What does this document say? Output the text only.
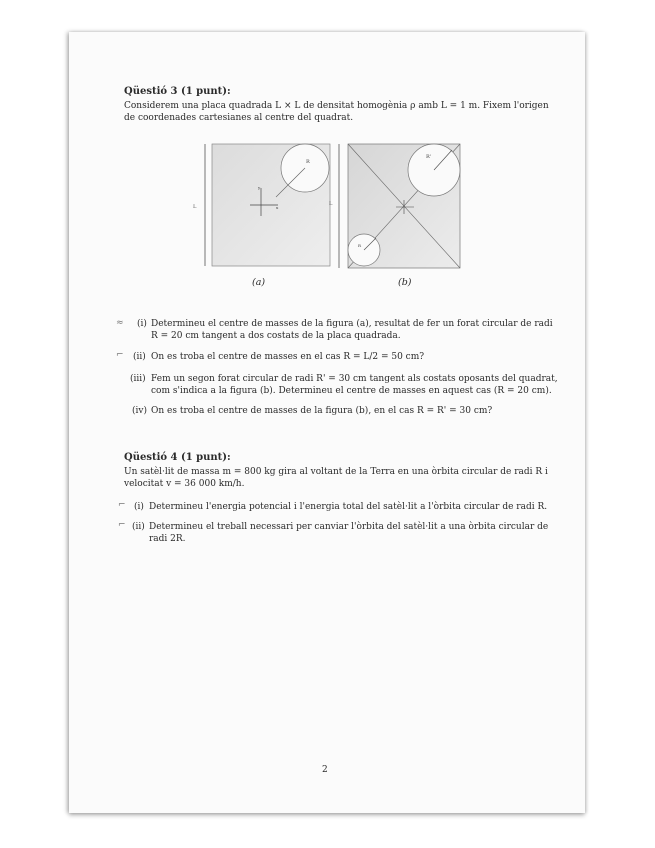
Qüestió 3 (1 punt):
Considerem una placa quadrada L × L de densitat homogènia ρ amb L = 1 m. Fixem l'origen
de coordenades cartesianes al centre del quadrat.
L
R
y
x
(a)
L
R'
R
(b)
≈ (i) Determineu el centre de masses de la figura (a), resultat de fer un forat circular de radi
R = 20 cm tangent a dos costats de la placa quadrada.
⌐ (ii) On es troba el centre de masses en el cas R = L/2 = 50 cm?
(iii) Fem un segon forat circular de radi R' = 30 cm tangent als costats oposants del quadrat,
com s'indica a la figura (b). Determineu el centre de masses en aquest cas (R = 20 cm).
(iv) On es troba el centre de masses de la figura (b), en el cas R = R' = 30 cm?
Qüestió 4 (1 punt):
Un satèl·lit de massa m = 800 kg gira al voltant de la Terra en una òrbita circular de radi R i
velocitat v = 36 000 km/h.
⌐ (i) Determineu l'energia potencial i l'energia total del satèl·lit a l'òrbita circular de radi R.
⌐ (ii) Determineu el treball necessari per canviar l'òrbita del satèl·lit a una òrbita circular de
radi 2R.
2
